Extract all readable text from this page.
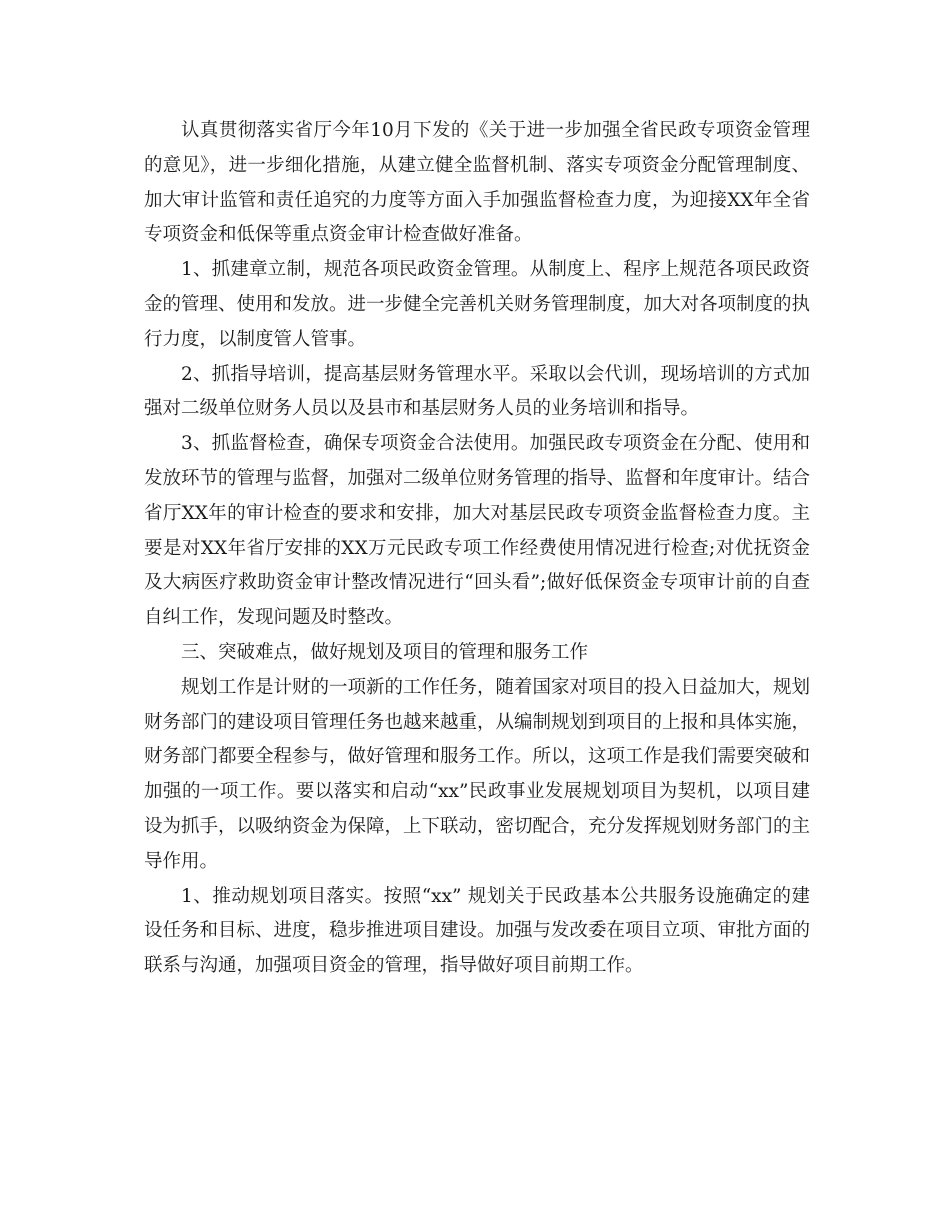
认真贯彻落实省厅今年10月下发的《关于进一步加强全省民政专项资金管理的意见》，进一步细化措施，从建立健全监督机制、落实专项资金分配管理制度、加大审计监管和责任追究的力度等方面入手加强监督检查力度，为迎接XX年全省专项资金和低保等重点资金审计检查做好准备。

1、抓建章立制，规范各项民政资金管理。从制度上、程序上规范各项民政资金的管理、使用和发放。进一步健全完善机关财务管理制度，加大对各项制度的执行力度，以制度管人管事。

2、抓指导培训，提高基层财务管理水平。采取以会代训，现场培训的方式加强对二级单位财务人员以及县市和基层财务人员的业务培训和指导。

3、抓监督检查，确保专项资金合法使用。加强民政专项资金在分配、使用和发放环节的管理与监督，加强对二级单位财务管理的指导、监督和年度审计。结合省厅XX年的审计检查的要求和安排，加大对基层民政专项资金监督检查力度。主要是对XX年省厅安排的XX万元民政专项工作经费使用情况进行检查;对优抚资金及大病医疗救助资金审计整改情况进行“回头看”;做好低保资金专项审计前的自查自纠工作，发现问题及时整改。

三、突破难点，做好规划及项目的管理和服务工作

规划工作是计财的一项新的工作任务，随着国家对项目的投入日益加大，规划财务部门的建设项目管理任务也越来越重，从编制规划到项目的上报和具体实施，财务部门都要全程参与，做好管理和服务工作。所以，这项工作是我们需要突破和加强的一项工作。要以落实和启动“xx”民政事业发展规划项目为契机，以项目建设为抓手，以吸纳资金为保障，上下联动，密切配合，充分发挥规划财务部门的主导作用。

1、推动规划项目落实。按照“xx” 规划关于民政基本公共服务设施确定的建设任务和目标、进度，稳步推进项目建设。加强与发改委在项目立项、审批方面的联系与沟通，加强项目资金的管理，指导做好项目前期工作。
